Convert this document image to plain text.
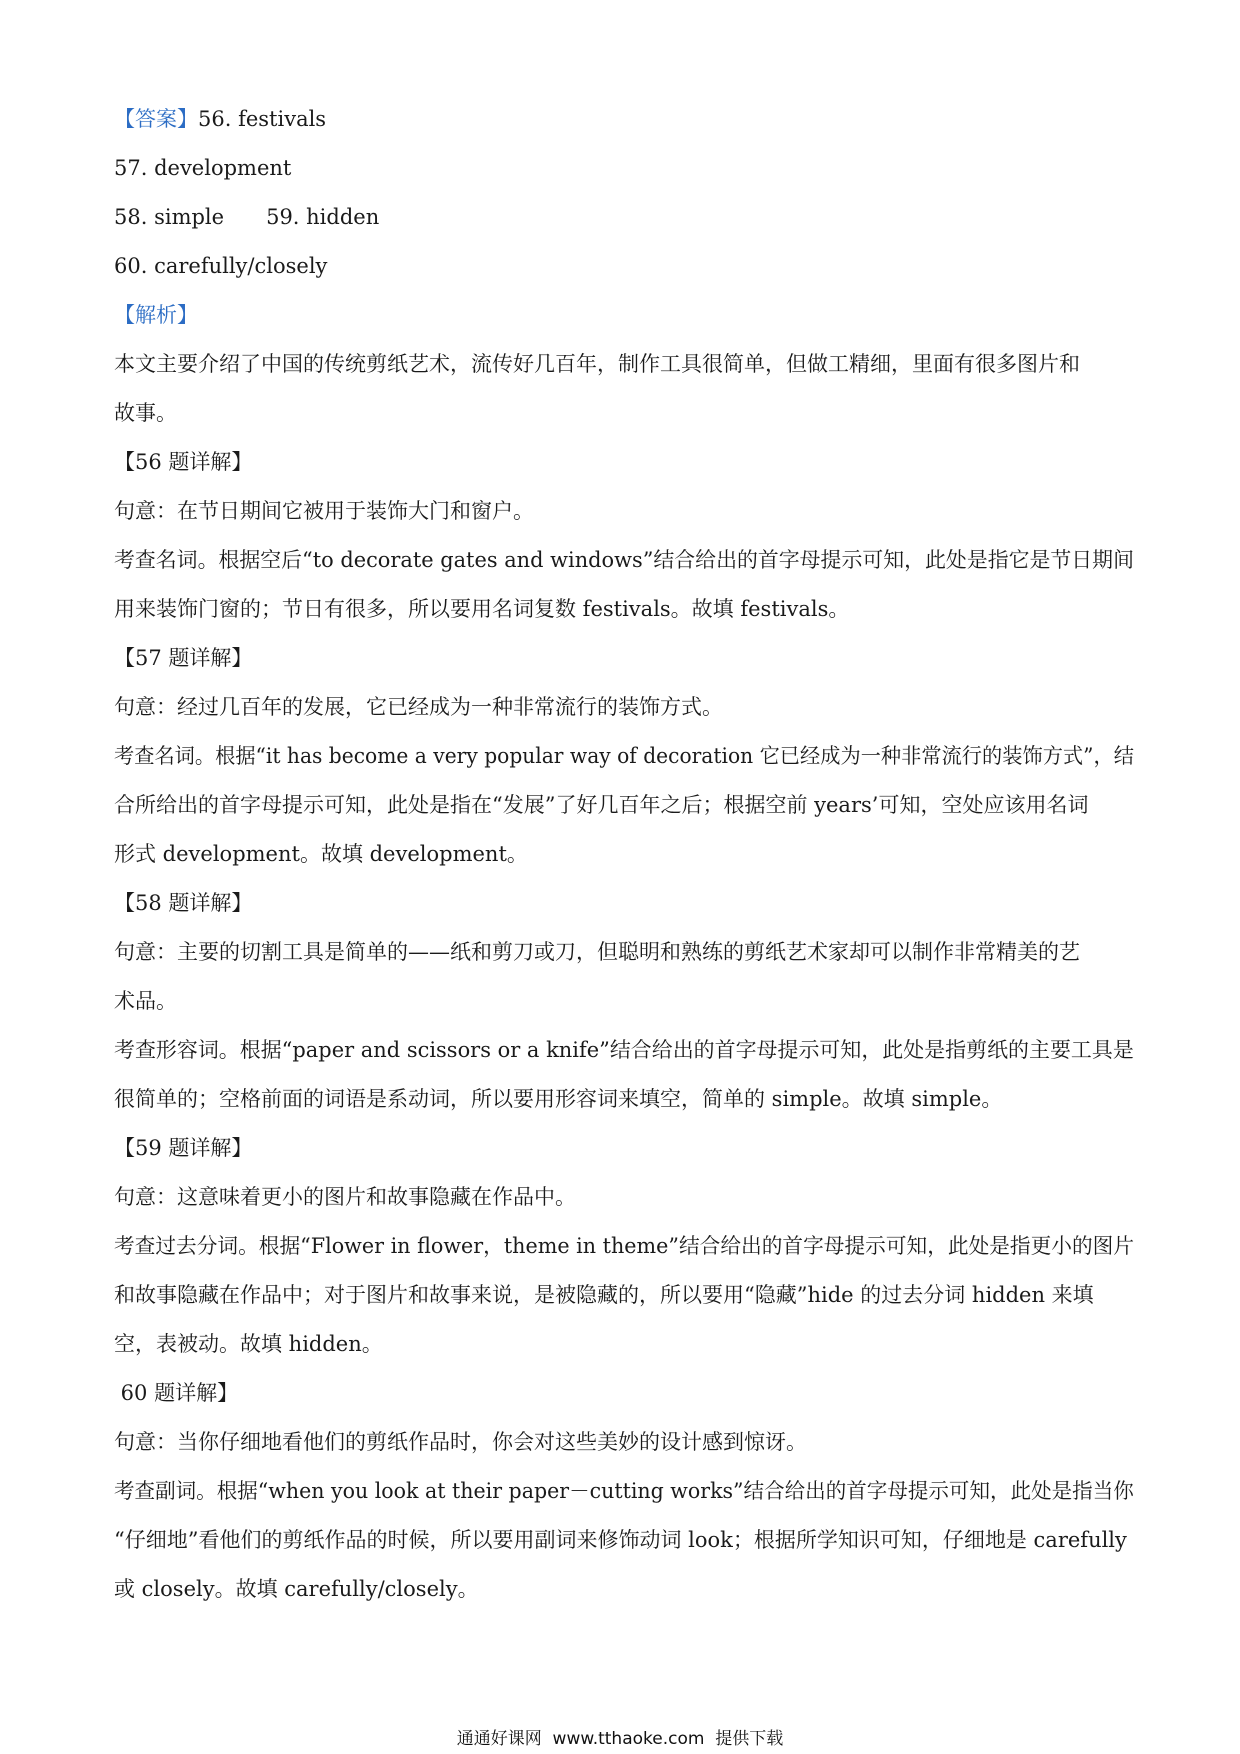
【答案】56. festivals
57. development
58. simple 59. hidden
60. carefully/closely
【解析】
本文主要介绍了中国的传统剪纸艺术，流传好几百年，制作工具很简单，但做工精细，里面有很多图片和
故事。
【56 题详解】
句意：在节日期间它被用于装饰大门和窗户。
考查名词。根据空后“to decorate gates and windows”结合给出的首字母提示可知，此处是指它是节日期间
用来装饰门窗的；节日有很多，所以要用名词复数 festivals。故填 festivals。
【57 题详解】
句意：经过几百年的发展，它已经成为一种非常流行的装饰方式。
考查名词。根据“it has become a very popular way of decoration 它已经成为一种非常流行的装饰方式”，结
合所给出的首字母提示可知，此处是指在“发展”了好几百年之后；根据空前 years’可知，空处应该用名词
形式 development。故填 development。
【58 题详解】
句意：主要的切割工具是简单的——纸和剪刀或刀，但聪明和熟练的剪纸艺术家却可以制作非常精美的艺
术品。
考查形容词。根据“paper and scissors or a knife”结合给出的首字母提示可知，此处是指剪纸的主要工具是
很简单的；空格前面的词语是系动词，所以要用形容词来填空，简单的 simple。故填 simple。
【59 题详解】
句意：这意味着更小的图片和故事隐藏在作品中。
考查过去分词。根据“Flower in flower，theme in theme”结合给出的首字母提示可知，此处是指更小的图片
和故事隐藏在作品中；对于图片和故事来说，是被隐藏的，所以要用“隐藏”hide 的过去分词 hidden 来填
空，表被动。故填 hidden。
60 题详解】
句意：当你仔细地看他们的剪纸作品时，你会对这些美妙的设计感到惊讶。
考查副词。根据“when you look at their paper－cutting works”结合给出的首字母提示可知，此处是指当你
“仔细地”看他们的剪纸作品的时候，所以要用副词来修饰动词 look；根据所学知识可知，仔细地是 carefully
或 closely。故填 carefully/closely。
通通好课网  www.tthaoke.com  提供下载
